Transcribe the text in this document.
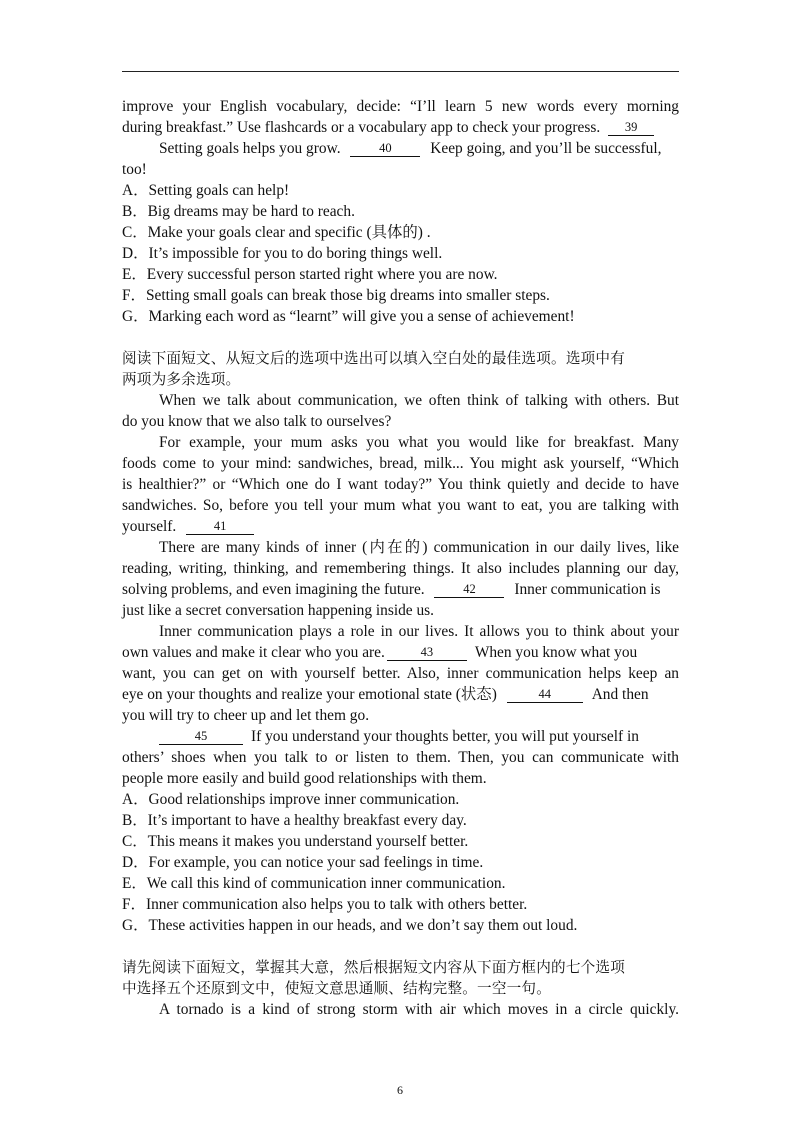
improve your English vocabulary, decide: “I’ll learn 5 new words every morning
during breakfast.” Use flashcards or a vocabulary app to check your progress. 39
Setting goals helps you grow.	40	Keep going, and you’ll be successful,
too!
A．Setting goals can help!
B．Big dreams may be hard to reach.
C．Make your goals clear and specific (具体的) .
D．It’s impossible for you to do boring things well.
E．Every successful person started right where you are now.
F．Setting small goals can break those big dreams into smaller steps.
G．Marking each word as “learnt” will give you a sense of achievement!
阅读下面短文、从短文后的选项中选出可以填入空白处的最佳选项。选项中有
两项为多余选项。
When we talk about communication, we often think of talking with others. But
do you know that we also talk to ourselves?
For example, your mum asks you what you would like for breakfast. Many
foods come to your mind: sandwiches, bread, milk... You might ask yourself, “Which
is healthier?” or “Which one do I want today?” You think quietly and decide to have
sandwiches. So, before you tell your mum what you want to eat, you are talking with
yourself.	41
There are many kinds of inner (内在的) communication in our daily lives, like
reading, writing, thinking, and remembering things. It also includes planning our day,
solving problems, and even imagining the future.	42	Inner communication is
just like a secret conversation happening inside us.
Inner communication plays a role in our lives. It allows you to think about your
own values and make it clear who you are.	43	When you know what you
want, you can get on with yourself better. Also, inner communication helps keep an
eye on your thoughts and realize your emotional state (状态)	44	And then
you will try to cheer up and let them go.
45	If you understand your thoughts better, you will put yourself in
others’ shoes when you talk to or listen to them. Then, you can communicate with
people more easily and build good relationships with them.
A．Good relationships improve inner communication.
B．It’s important to have a healthy breakfast every day.
C．This means it makes you understand yourself better.
D．For example, you can notice your sad feelings in time.
E．We call this kind of communication inner communication.
F．Inner communication also helps you to talk with others better.
G．These activities happen in our heads, and we don’t say them out loud.
请先阅读下面短文，掌握其大意，然后根据短文内容从下面方框内的七个选项
中选择五个还原到文中，使短文意思通顺、结构完整。一空一句。
A tornado is a kind of strong storm with air which moves in a circle quickly.
6
